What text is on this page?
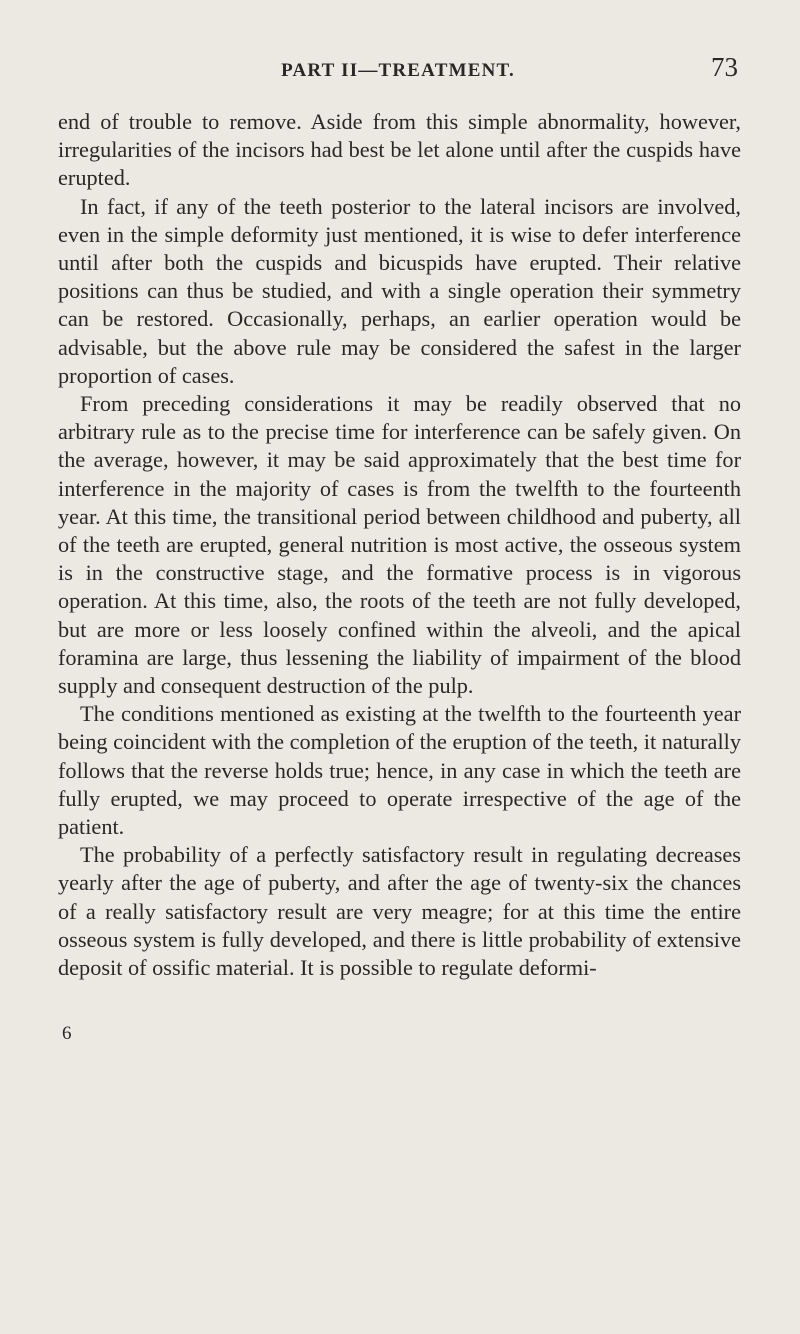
PART II—TREATMENT.	73

end of trouble to remove. Aside from this simple abnormality, however, irregularities of the incisors had best be let alone until after the cuspids have erupted.

In fact, if any of the teeth posterior to the lateral incisors are involved, even in the simple deformity just mentioned, it is wise to defer interference until after both the cuspids and bicuspids have erupted. Their relative positions can thus be studied, and with a single operation their symmetry can be restored. Occasionally, perhaps, an earlier operation would be advisable, but the above rule may be considered the safest in the larger proportion of cases.

From preceding considerations it may be readily observed that no arbitrary rule as to the precise time for interference can be safely given. On the average, however, it may be said approximately that the best time for interference in the majority of cases is from the twelfth to the fourteenth year. At this time, the transitional period between childhood and puberty, all of the teeth are erupted, general nutrition is most active, the osseous system is in the constructive stage, and the formative process is in vigorous operation. At this time, also, the roots of the teeth are not fully developed, but are more or less loosely confined within the alveoli, and the apical foramina are large, thus lessening the liability of impairment of the blood supply and consequent destruction of the pulp.

The conditions mentioned as existing at the twelfth to the fourteenth year being coincident with the completion of the eruption of the teeth, it naturally follows that the reverse holds true; hence, in any case in which the teeth are fully erupted, we may proceed to operate irrespective of the age of the patient.

The probability of a perfectly satisfactory result in regulating decreases yearly after the age of puberty, and after the age of twenty-six the chances of a really satisfactory result are very meagre; for at this time the entire osseous system is fully developed, and there is little probability of extensive deposit of ossific material. It is possible to regulate deformi-

6
